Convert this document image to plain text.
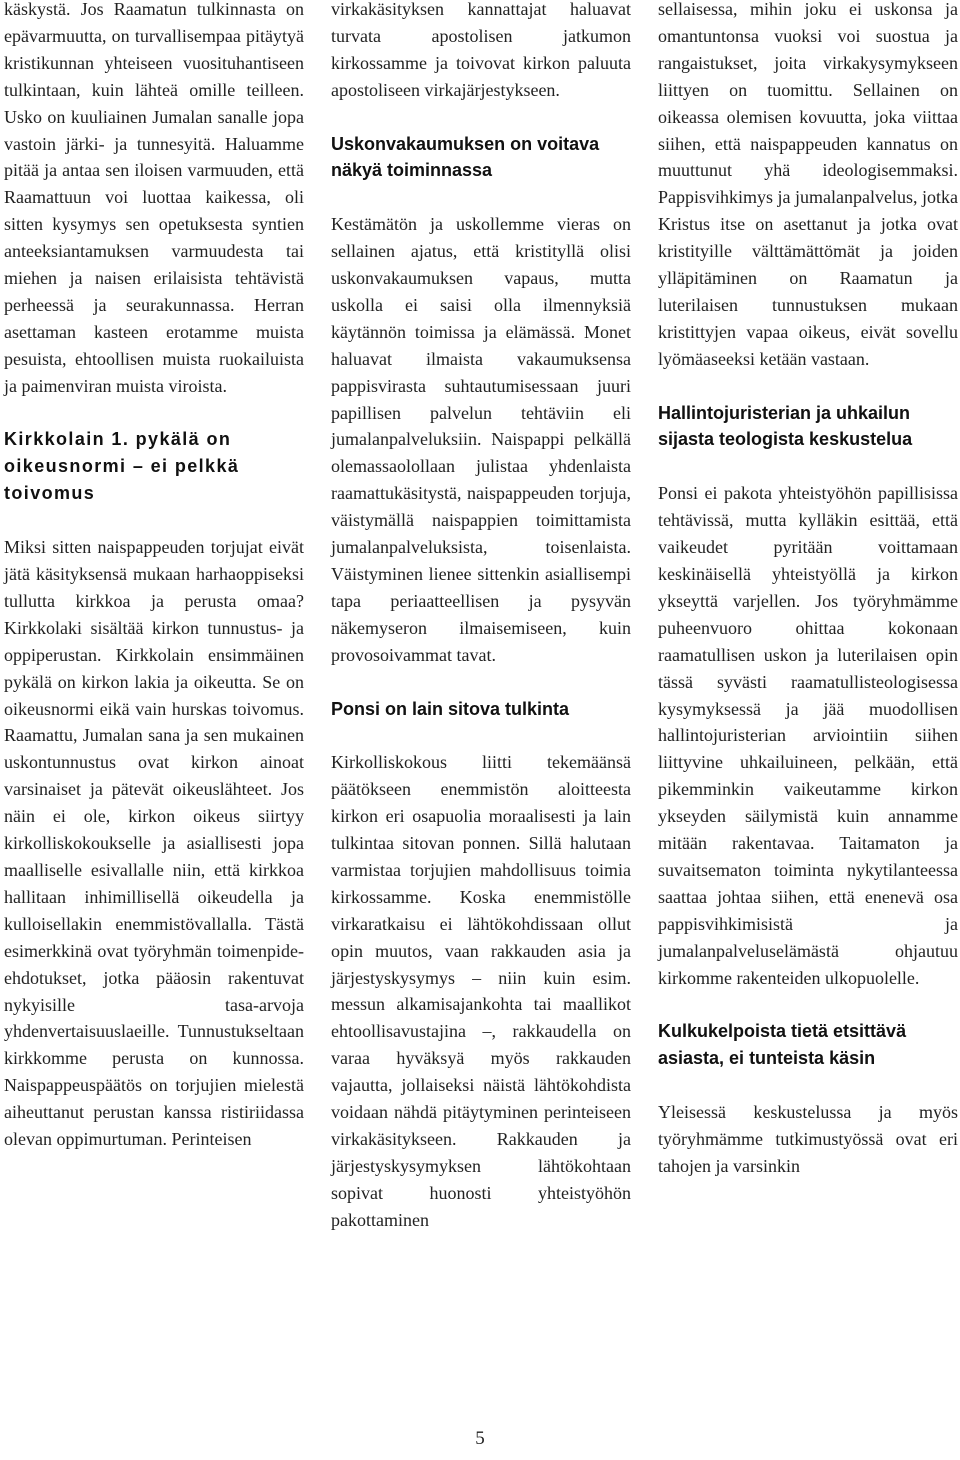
käskystä. Jos Raamatun tulkinnasta on epävarmuutta, on turvallisempaa pitäytyä kristikunnan yhteiseen vuosituhantiseen tulkintaan, kuin lähteä omille teilleen. Usko on kuuliainen Jumalan sanalle jopa vastoin järki- ja tunnesyitä. Haluamme pitää ja antaa sen iloisen varmuuden, että Raamattuun voi luottaa kaikessa, oli sitten kysymys sen opetuksesta syntien anteeksiantamuksen varmuudesta tai miehen ja naisen erilaisista tehtävistä perheessä ja seurakunnassa. Herran asettaman kasteen erotamme muista pesuista, ehtoollisen muista ruokailuista ja paimenviran muista viroista.

Kirkkolain 1. pykälä on oikeusnormi – ei pelkkä toivomus

Miksi sitten naispappeuden torjujat eivät jätä käsityksensä mukaan harhaoppiseksi tullutta kirkkoa ja perusta omaa? Kirkkolaki sisältää kirkon tunnustus- ja oppiperustan. Kirkkolain ensimmäinen pykälä on kirkon lakia ja oikeutta. Se on oikeusnormi eikä vain hurskas toivomus. Raamattu, Jumalan sana ja sen mukainen uskontunnustus ovat kirkon ainoat varsinaiset ja pätevät oikeuslähteet. Jos näin ei ole, kirkon oikeus siirtyy kirkolliskokoukselle ja asiallisesti jopa maalliselle esivallalle niin, että kirkkoa hallitaan inhimillisellä oikeudella ja kulloisellakin enemmistövallalla. Tästä esimerkkinä ovat työryhmän toimenpide-ehdotukset, jotka pääosin rakentuvat nykyisille tasa-arvoja yhdenvertaisuuslaeille. Tunnustukseltaan kirkkomme perusta on kunnossa. Naispappeuspäätös on torjujien mielestä aiheuttanut perustan kanssa ristiriidassa olevan oppimurtuman. Perinteisen

virkakäsityksen kannattajat haluavat turvata apostolisen jatkumon kirkossamme ja toivovat kirkon paluuta apostoliseen virkajärjestykseen.

Uskonvakaumuksen on voitava näkyä toiminnassa

Kestämätön ja uskollemme vieras on sellainen ajatus, että kristityllä olisi uskonvakaumuksen vapaus, mutta uskolla ei saisi olla ilmennyksiä käytännön toimissa ja elämässä. Monet haluavat ilmaista vakaumuksensa pappisvirasta suhtautumisessaan juuri papillisen palvelun tehtäviin eli jumalanpalveluksiin. Naispappi pelkällä olemassaolollaan julistaa yhdenlaista raamattukäsitystä, naispappeuden torjuja, väistymällä naispappien toimittamista jumalanpalveluksista, toisenlaista. Väistyminen lienee sittenkin asiallisempi tapa periaatteellisen ja pysyvän näkemyseron ilmaisemiseen, kuin provosoivammat tavat.

Ponsi on lain sitova tulkinta

Kirkolliskokous liitti tekemäänsä päätökseen enemmistön aloitteesta kirkon eri osapuolia moraalisesti ja lain tulkintaa sitovan ponnen. Sillä halutaan varmistaa torjujien mahdollisuus toimia kirkossamme. Koska enemmistölle virkaratkaisu ei lähtökohdissaan ollut opin muutos, vaan rakkauden asia ja järjestyskysymys – niin kuin esim. messun alkamisajankohta tai maallikot ehtoollisavustajina –, rakkaudella on varaa hyväksyä myös rakkauden vajautta, jollaiseksi näistä lähtökohdista voidaan nähdä pitäytyminen perinteiseen virkakäsitykseen. Rakkauden ja järjestyskysymyksen lähtökohtaan sopivat huonosti yhteistyöhön pakottaminen

sellaisessa, mihin joku ei uskonsa ja omantuntonsa vuoksi voi suostua ja rangaistukset, joita virkakysymykseen liittyen on tuomittu. Sellainen on oikeassa olemisen kovuutta, joka viittaa siihen, että naispappeuden kannatus on muuttunut yhä ideologisemmaksi. Pappisvihkimys ja jumalanpalvelus, jotka Kristus itse on asettanut ja jotka ovat kristityille välttämättömät ja joiden ylläpitäminen on Raamatun ja luterilaisen tunnustuksen mukaan kristittyjen vapaa oikeus, eivät sovellu lyömäaseeksi ketään vastaan.

Hallintojuristerian ja uhkailun sijasta teologista keskustelua

Ponsi ei pakota yhteistyöhön papillisissa tehtävissä, mutta kylläkin esittää, että vaikeudet pyritään voittamaan keskinäisellä yhteistyöllä ja kirkon ykseyttä varjellen. Jos työryhmämme puheenvuoro ohittaa kokonaan raamatullisen uskon ja luterilaisen opin tässä syvästi raamatullisteologisessa kysymyksessä ja jää muodollisen hallintojuristerian arviointiin siihen liittyvine uhkailuineen, pelkään, että pikemminkin vaikeutamme kirkon ykseyden säilymistä kuin annamme mitään rakentavaa. Taitamaton ja suvaitsematon toiminta nykytilanteessa saattaa johtaa siihen, että enenevä osa pappisvihkimisistä ja jumalanpalveluselämästä ohjautuu kirkomme rakenteiden ulkopuolelle.

Kulkukelpoista tietä etsittävä asiasta, ei tunteista käsin

Yleisessä keskustelussa ja myös työryhmämme tutkimustyössä ovat eri tahojen ja varsinkin

5
